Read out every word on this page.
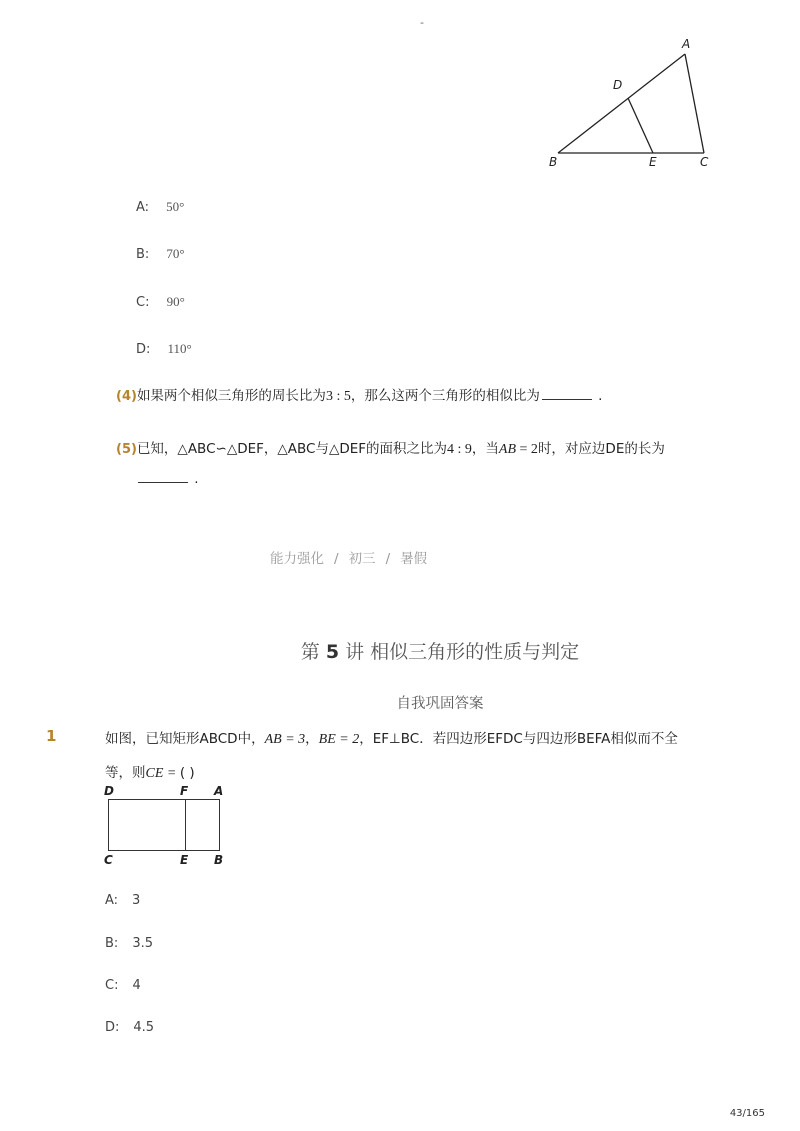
-
A
D
B	E	C
A: 50°
B: 70°
C: 90°
D: 110°
(4)如果两个相似三角形的周长比为3 : 5，那么这两个三角形的相似比为	.
(5)已知，△ABC∽△DEF，△ABC与△DEF的面积之比为4 : 9，当AB = 2时，对应边DE的长为
.
能力强化 / 初三 / 暑假
第 5 讲 相似三角形的性质与判定
自我巩固答案
1	如图，已知矩形ABCD中，AB = 3，BE = 2，EF⊥BC．若四边形EFDC与四边形BEFA相似而不全
等，则CE = ( )
D	F A
C	E B
A: 3
B: 3.5
C: 4
D: 4.5
43/165
